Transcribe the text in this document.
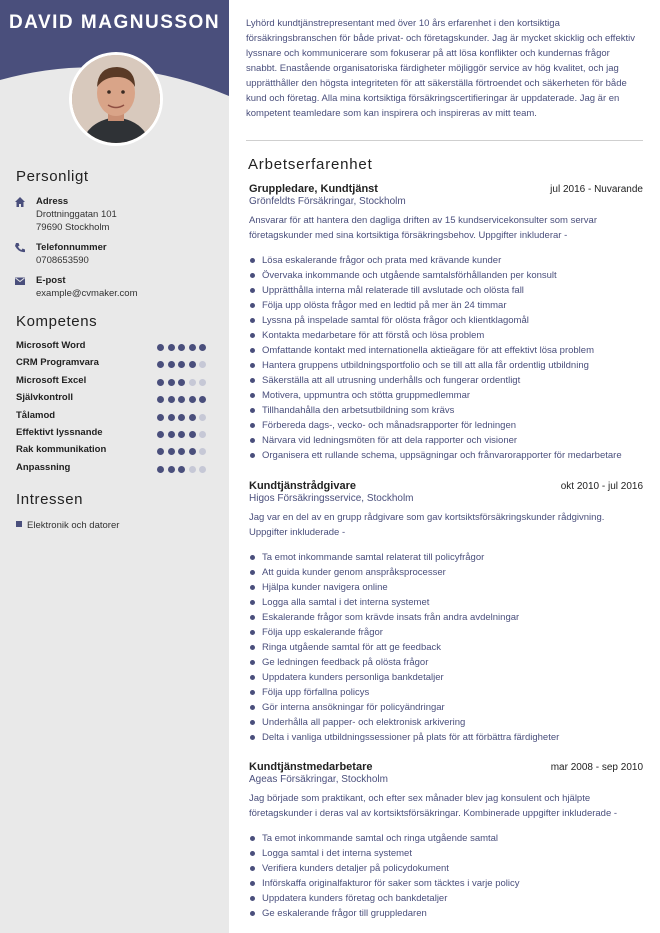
DAVID MAGNUSSON
Personligt
Adress
Drottninggatan 101
79690 Stockholm
Telefonnummer
0708653590
E-post
example@cvmaker.com
Kompetens
Microsoft Word
CRM Programvara
Microsoft Excel
Självkontroll
Tålamod
Effektivt lyssnande
Rak kommunikation
Anpassning
Intressen
Elektronik och datorer
Lyhörd kundtjänstrepresentant med över 10 års erfarenhet i den kortsiktiga försäkringsbranschen för både privat- och företagskunder. Jag är mycket skicklig och effektiv lyssnare och kommunicerare som fokuserar på att lösa konflikter och kundernas frågor snabbt. Enastående organisatoriska färdigheter möjliggör service av hög kvalitet, och jag upprätthåller den högsta integriteten för att säkerställa förtroendet och säkerheten för både kund och företag. Alla mina kortsiktiga försäkringscertifieringar är uppdaterade. Jag är en kompetent teamledare som kan inspirera och inspireras av mitt team.
Arbetserfarenhet
Gruppledare, Kundtjänst	jul 2016 - Nuvarande
Grönfeldts Försäkringar, Stockholm
Ansvarar för att hantera den dagliga driften av 15 kundservicekonsulter som servar företagskunder med sina kortsiktiga försäkringsbehov. Uppgifter inkluderar -
Lösa eskalerande frågor och prata med krävande kunder
Övervaka inkommande och utgående samtalsförhållanden per konsult
Upprätthålla interna mål relaterade till avslutade och olösta fall
Följa upp olösta frågor med en ledtid på mer än 24 timmar
Lyssna på inspelade samtal för olösta frågor och klientklagomål
Kontakta medarbetare för att förstå och lösa problem
Omfattande kontakt med internationella aktieägare för att effektivt lösa problem
Hantera gruppens utbildningsportfolio och se till att alla får ordentlig utbildning
Säkerställa att all utrusning underhålls och fungerar ordentligt
Motivera, uppmuntra och stötta gruppmedlemmar
Tillhandahålla den arbetsutbildning som krävs
Förbereda dags-, vecko- och månadsrapporter för ledningen
Närvara vid ledningsmöten för att dela rapporter och visioner
Organisera ett rullande schema, uppsägningar och frånvarorapporter för medarbetare
Kundtjänstrådgivare	okt 2010 - jul 2016
Higos Försäkringsservice, Stockholm
Jag var en del av en grupp rådgivare som gav kortsiktsförsäkringskunder rådgivning. Uppgifter inkluderade -
Ta emot inkommande samtal relaterat till policyfrågor
Att guida kunder genom anspråksprocesser
Hjälpa kunder navigera online
Logga alla samtal i det interna systemet
Eskalerande frågor som krävde insats från andra avdelningar
Följa upp eskalerande frågor
Ringa utgående samtal för att ge feedback
Ge ledningen feedback på olösta frågor
Uppdatera kunders personliga bankdetaljer
Följa upp förfallna policys
Gör interna ansökningar för policyändringar
Underhålla all papper- och elektronisk arkivering
Delta i vanliga utbildningssessioner på plats för att förbättra färdigheter
Kundtjänstmedarbetare	mar 2008 - sep 2010
Ageas Försäkringar, Stockholm
Jag började som praktikant, och efter sex månader blev jag konsulent och hjälpte företagskunder i deras val av kortsiktsförsäkringar. Kombinerade uppgifter inkluderade -
Ta emot inkommande samtal och ringa utgående samtal
Logga samtal i det interna systemet
Verifiera kunders detaljer på policydokument
Införskaffa originalfakturor för saker som täcktes i varje policy
Uppdatera kunders företag och bankdetaljer
Ge eskalerande frågor till gruppledaren
